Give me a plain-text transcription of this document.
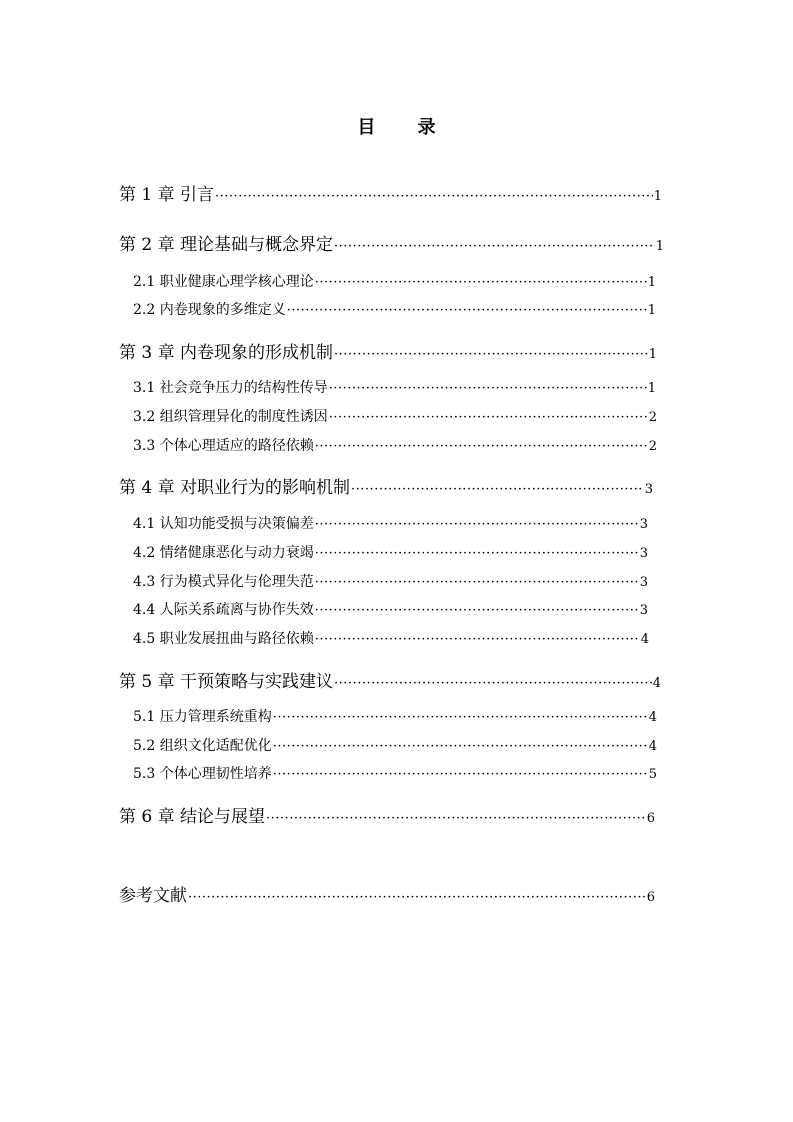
目 录
第 1 章 引言 ·····	1
第 2 章 理论基础与概念界定 ·····	1
2.1 职业健康心理学核心理论 ·····	1
2.2 内卷现象的多维定义 ·····	1
第 3 章 内卷现象的形成机制 ·····	1
3.1 社会竞争压力的结构性传导 ·····	1
3.2 组织管理异化的制度性诱因 ·····	2
3.3 个体心理适应的路径依赖 ·····	2
第 4 章 对职业行为的影响机制 ·····	3
4.1 认知功能受损与决策偏差 ·····	3
4.2 情绪健康恶化与动力衰竭 ·····	3
4.3 行为模式异化与伦理失范 ·····	3
4.4 人际关系疏离与协作失效 ·····	3
4.5 职业发展扭曲与路径依赖 ·····	4
第 5 章 干预策略与实践建议 ·····	4
5.1 压力管理系统重构 ·····	4
5.2 组织文化适配优化 ·····	4
5.3 个体心理韧性培养 ·····	5
第 6 章 结论与展望 ·····	6
参考文献 ·····	6
